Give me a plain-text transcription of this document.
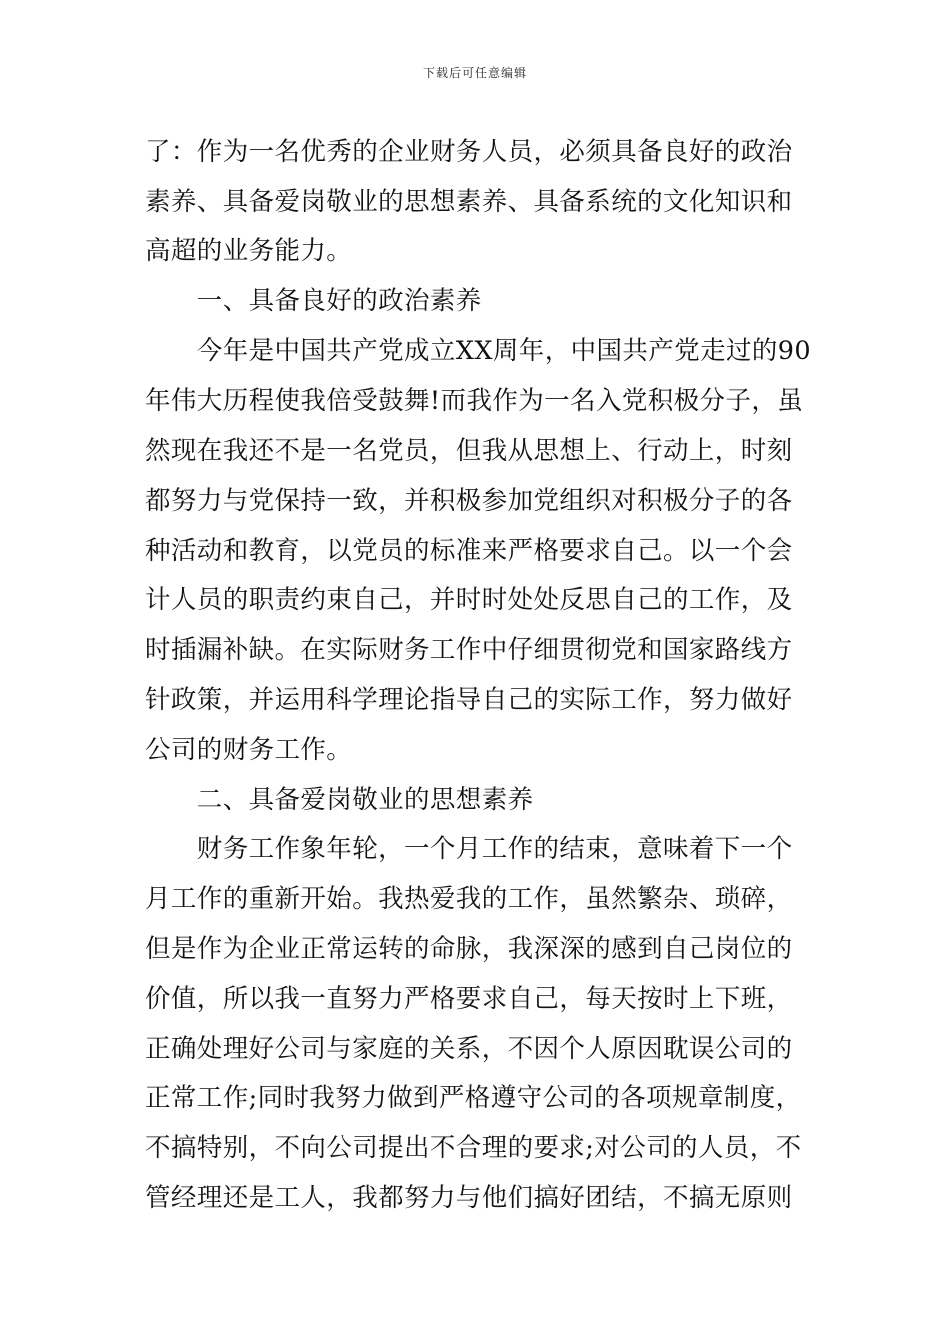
下载后可任意编辑
了：作为一名优秀的企业财务人员，必须具备良好的政治
素养、具备爱岗敬业的思想素养、具备系统的文化知识和
高超的业务能力。
　　一、具备良好的政治素养
　　今年是中国共产党成立XX周年，中国共产党走过的90
年伟大历程使我倍受鼓舞!而我作为一名入党积极分子，虽
然现在我还不是一名党员，但我从思想上、行动上，时刻
都努力与党保持一致，并积极参加党组织对积极分子的各
种活动和教育，以党员的标准来严格要求自己。以一个会
计人员的职责约束自己，并时时处处反思自己的工作，及
时插漏补缺。在实际财务工作中仔细贯彻党和国家路线方
针政策，并运用科学理论指导自己的实际工作，努力做好
公司的财务工作。
　　二、具备爱岗敬业的思想素养
　　财务工作象年轮，一个月工作的结束，意味着下一个
月工作的重新开始。我热爱我的工作，虽然繁杂、琐碎，
但是作为企业正常运转的命脉，我深深的感到自己岗位的
价值，所以我一直努力严格要求自己，每天按时上下班，
正确处理好公司与家庭的关系，不因个人原因耽误公司的
正常工作;同时我努力做到严格遵守公司的各项规章制度，
不搞特别，不向公司提出不合理的要求;对公司的人员，不
管经理还是工人，我都努力与他们搞好团结，不搞无原则
